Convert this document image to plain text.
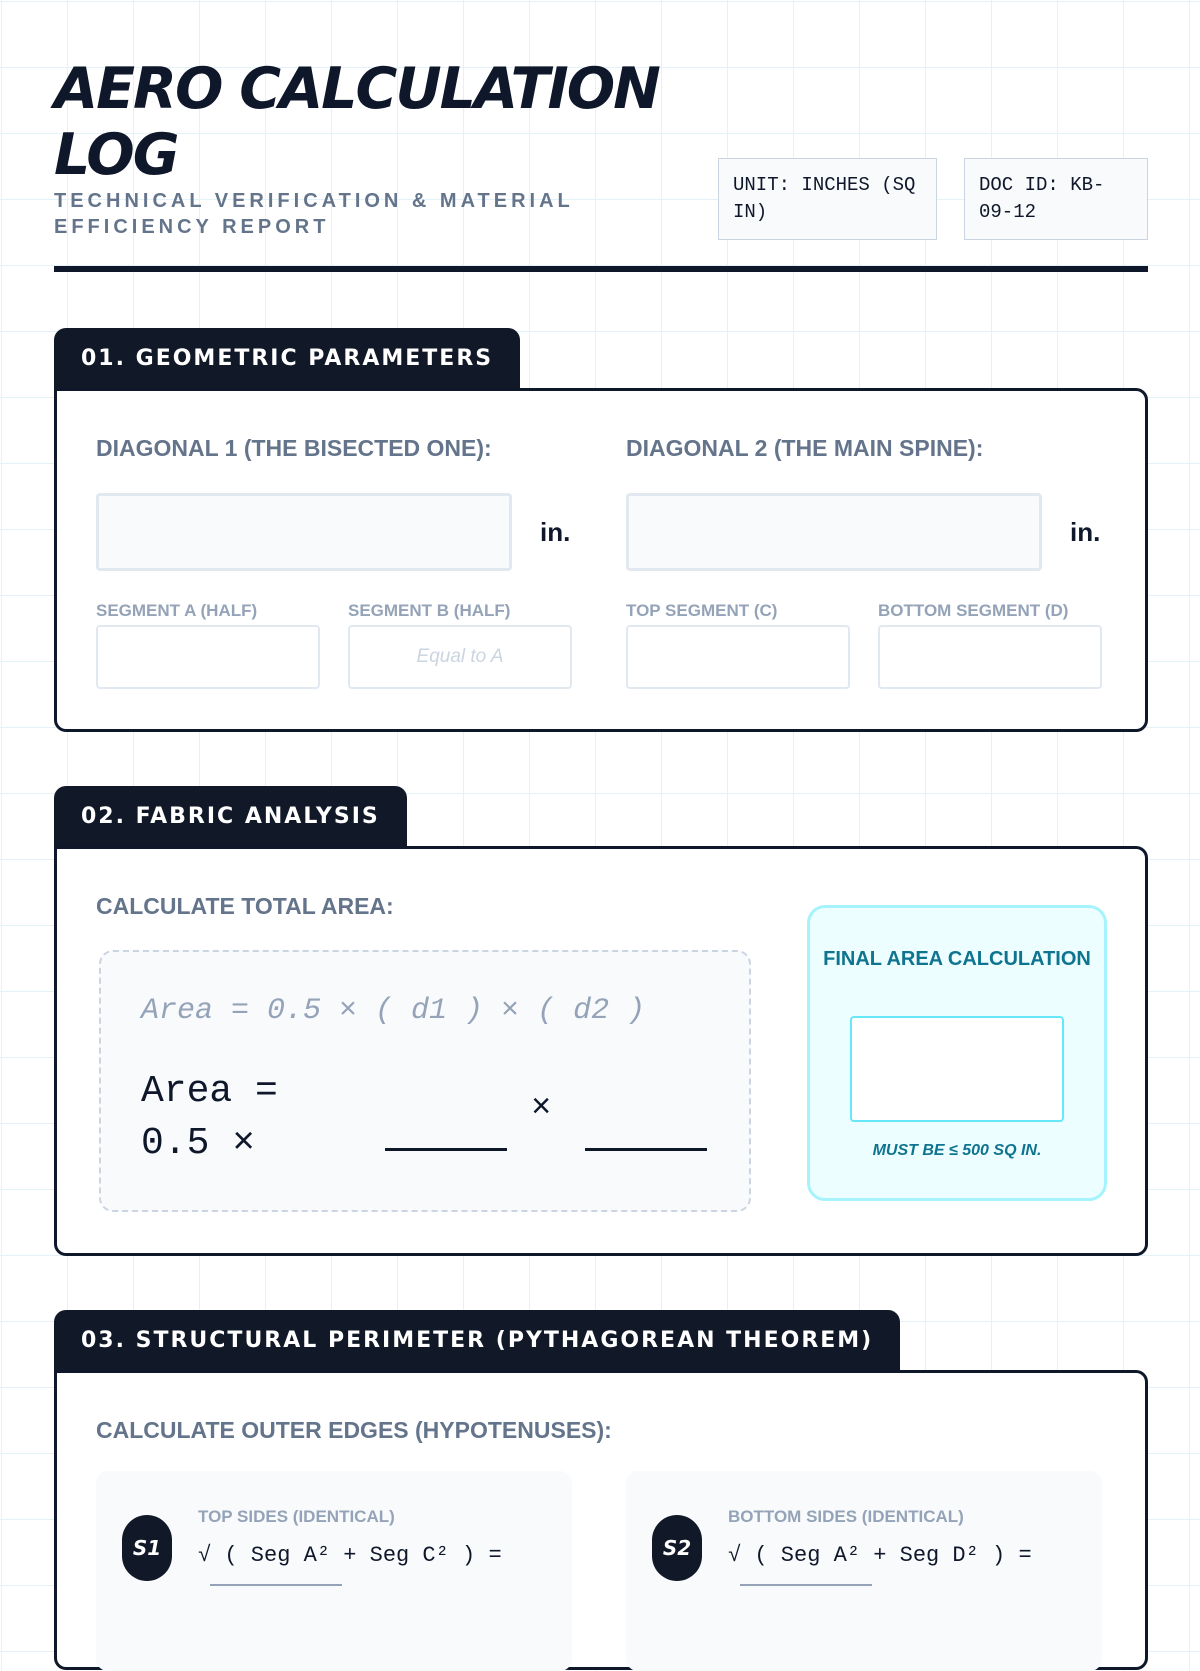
AERO CALCULATION LOG
TECHNICAL VERIFICATION & MATERIAL EFFICIENCY REPORT
UNIT: INCHES (SQ IN)
DOC ID: KB-09-12
01. GEOMETRIC PARAMETERS
DIAGONAL 1 (THE BISECTED ONE):	DIAGONAL 2 (THE MAIN SPINE):
in.	in.
SEGMENT A (HALF)	SEGMENT B (HALF)
Equal to A
TOP SEGMENT (C)	BOTTOM SEGMENT (D)
02. FABRIC ANALYSIS
CALCULATE TOTAL AREA:
Area = 0.5 × ( d1 ) × ( d2 )
Area = 0.5 ×
×
FINAL AREA CALCULATION
MUST BE ≤ 500 SQ IN.
03. STRUCTURAL PERIMETER (PYTHAGOREAN THEOREM)
CALCULATE OUTER EDGES (HYPOTENUSES):
S1
TOP SIDES (IDENTICAL)
√ ( Seg A² + Seg C² ) =	S2
BOTTOM SIDES (IDENTICAL)
√ ( Seg A² + Seg D² ) =
